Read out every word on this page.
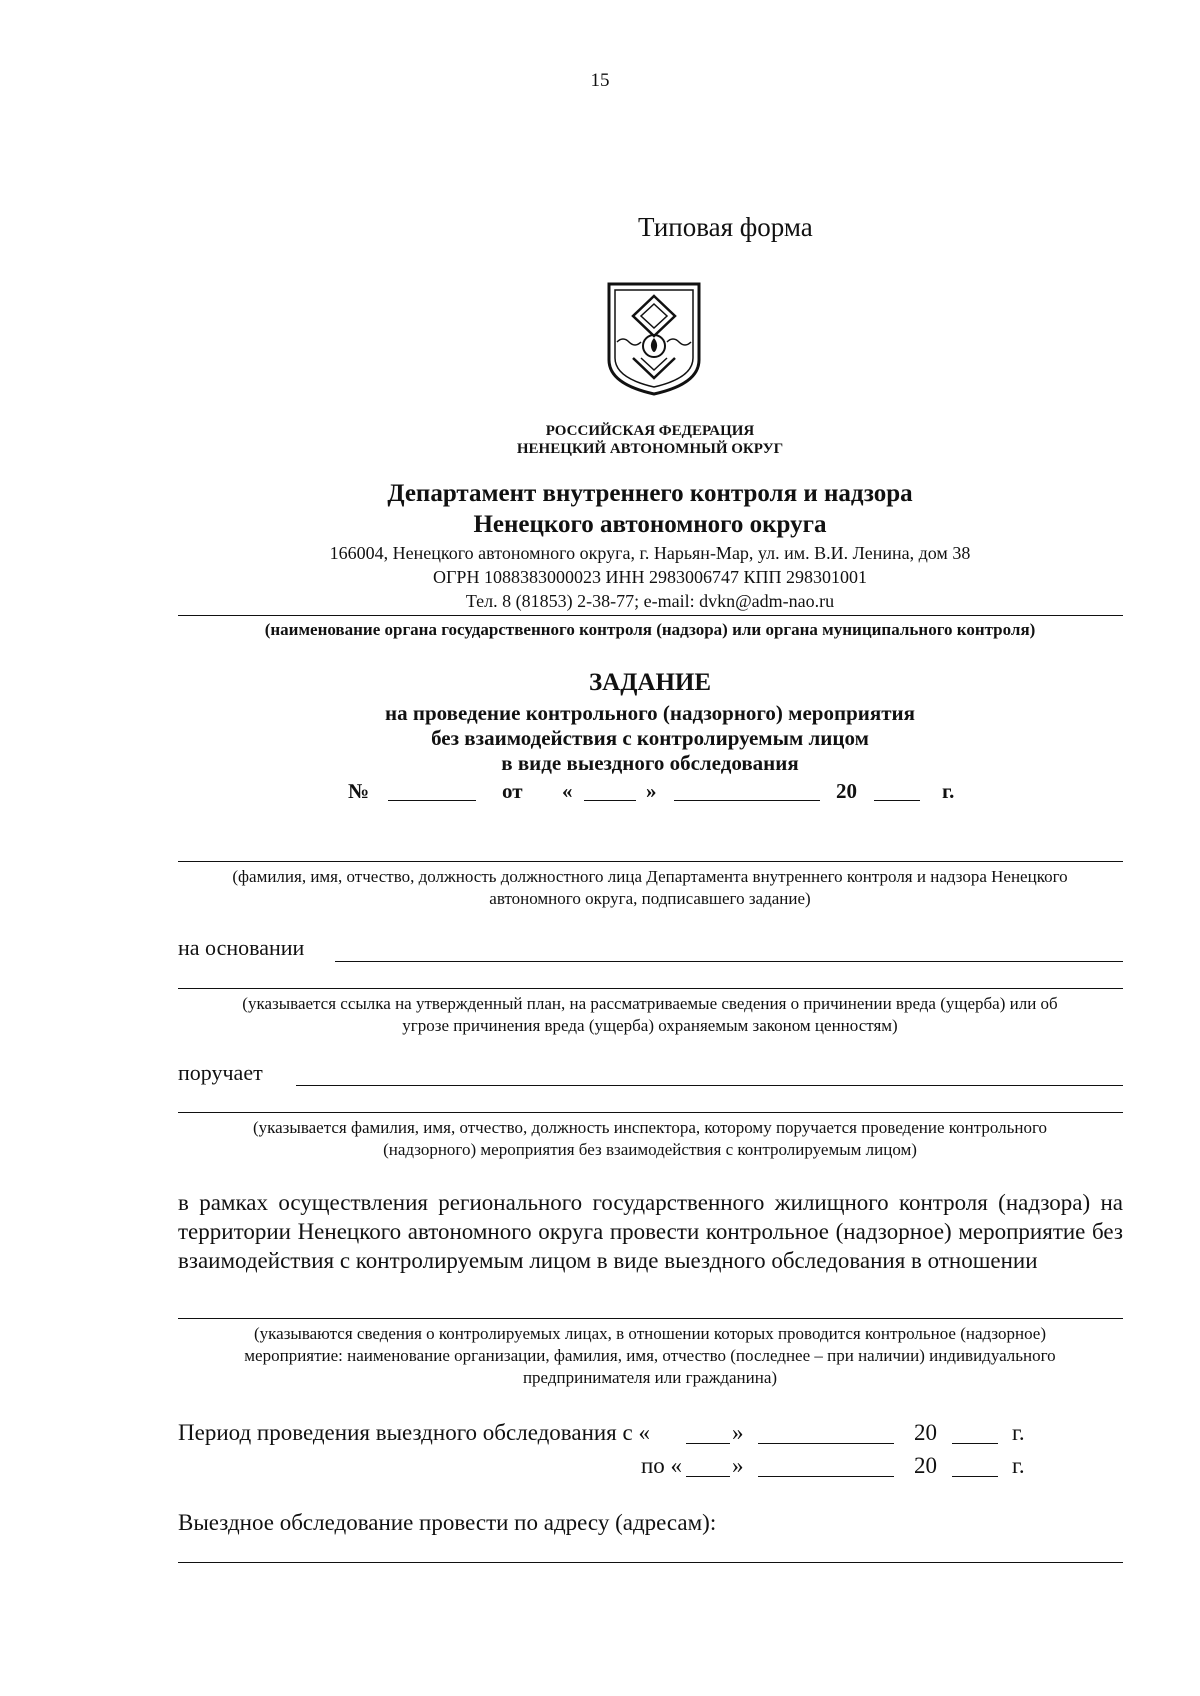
15
Типовая форма
РОССИЙСКАЯ ФЕДЕРАЦИЯ
НЕНЕЦКИЙ АВТОНОМНЫЙ ОКРУГ
Департамент внутреннего контроля и надзора
Ненецкого автономного округа
166004, Ненецкого автономного округа, г. Нарьян-Мар, ул. им. В.И. Ленина, дом 38
ОГРН 1088383000023 ИНН 2983006747 КПП 298301001
Тел. 8 (81853) 2-38-77; e-mail: dvkn@adm-nao.ru
(наименование органа государственного контроля (надзора) или органа муниципального контроля)
ЗАДАНИЕ
на проведение контрольного (надзорного) мероприятия
без взаимодействия с контролируемым лицом
в виде выездного обследования
№	от «	»	20	г.
(фамилия, имя, отчество, должность должностного лица Департамента внутреннего контроля и надзора Ненецкого автономного округа, подписавшего задание)
на основании
(указывается ссылка на утвержденный план, на рассматриваемые сведения о причинении вреда (ущерба) или об угрозе причинения вреда (ущерба) охраняемым законом ценностям)
поручает
(указывается фамилия, имя, отчество, должность инспектора, которому поручается проведение контрольного (надзорного) мероприятия без взаимодействия с контролируемым лицом)
в рамках осуществления регионального государственного жилищного контроля (надзора) на территории Ненецкого автономного округа провести контрольное (надзорное) мероприятие без взаимодействия с контролируемым лицом в виде выездного обследования в отношении
(указываются сведения о контролируемых лицах, в отношении которых проводится контрольное (надзорное) мероприятие: наименование организации, фамилия, имя, отчество (последнее – при наличии) индивидуального предпринимателя или гражданина)
Период проведения выездного обследования с «	»	20	г.
по « »	20	г.
Выездное обследование провести по адресу (адресам):
